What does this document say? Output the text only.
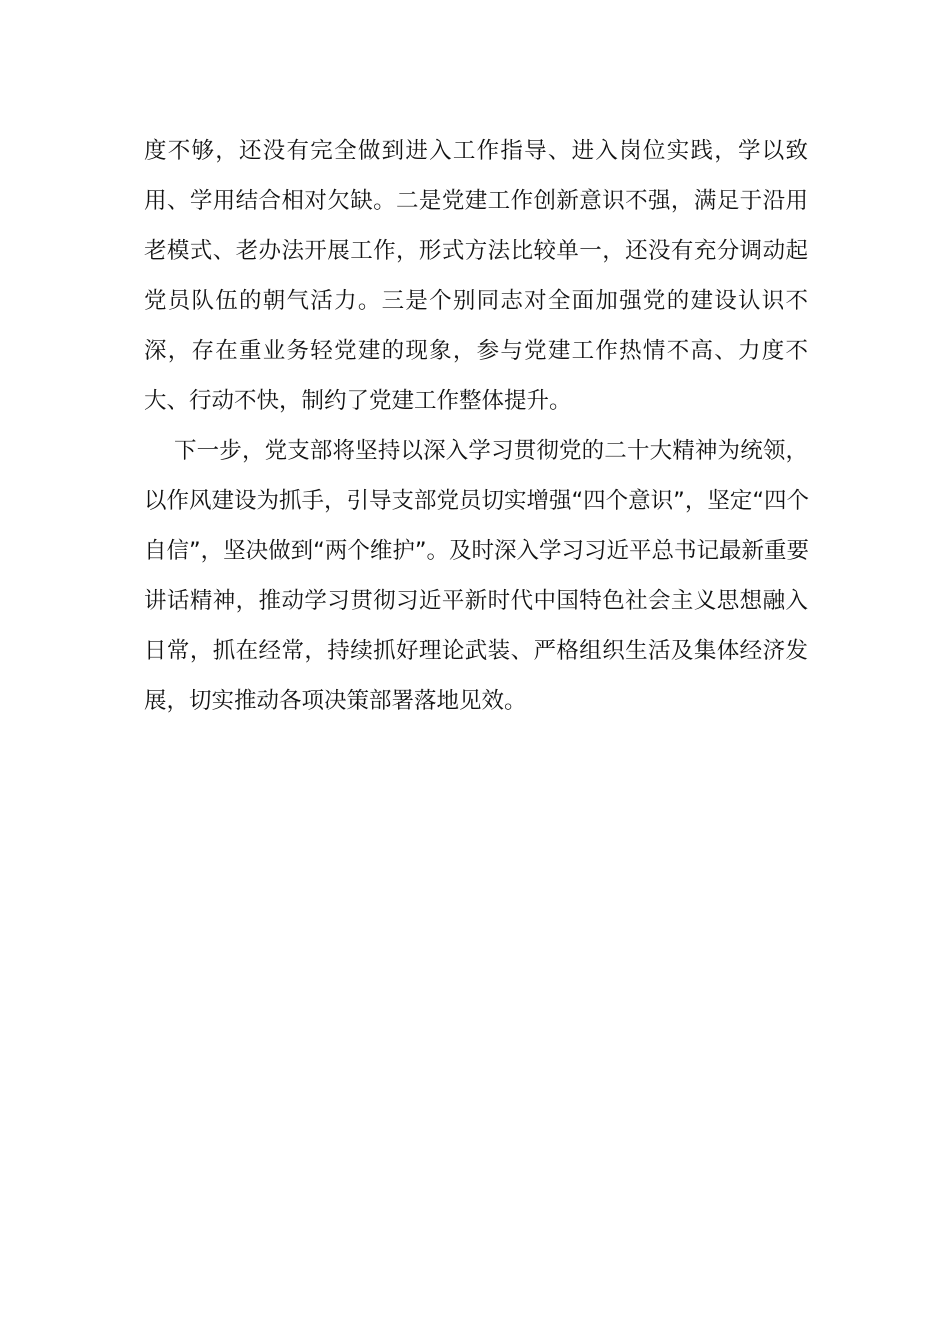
度不够，还没有完全做到进入工作指导、进入岗位实践，学以致
用、学用结合相对欠缺。二是党建工作创新意识不强，满足于沿用
老模式、老办法开展工作，形式方法比较单一，还没有充分调动起
党员队伍的朝气活力。三是个别同志对全面加强党的建设认识不
深，存在重业务轻党建的现象，参与党建工作热情不高、力度不
大、行动不快，制约了党建工作整体提升。
下一步，党支部将坚持以深入学习贯彻党的二十大精神为统领，
以作风建设为抓手，引导支部党员切实增强“四个意识”，坚定“四个
自信”，坚决做到“两个维护”。及时深入学习习近平总书记最新重要
讲话精神，推动学习贯彻习近平新时代中国特色社会主义思想融入
日常，抓在经常，持续抓好理论武装、严格组织生活及集体经济发
展，切实推动各项决策部署落地见效。
